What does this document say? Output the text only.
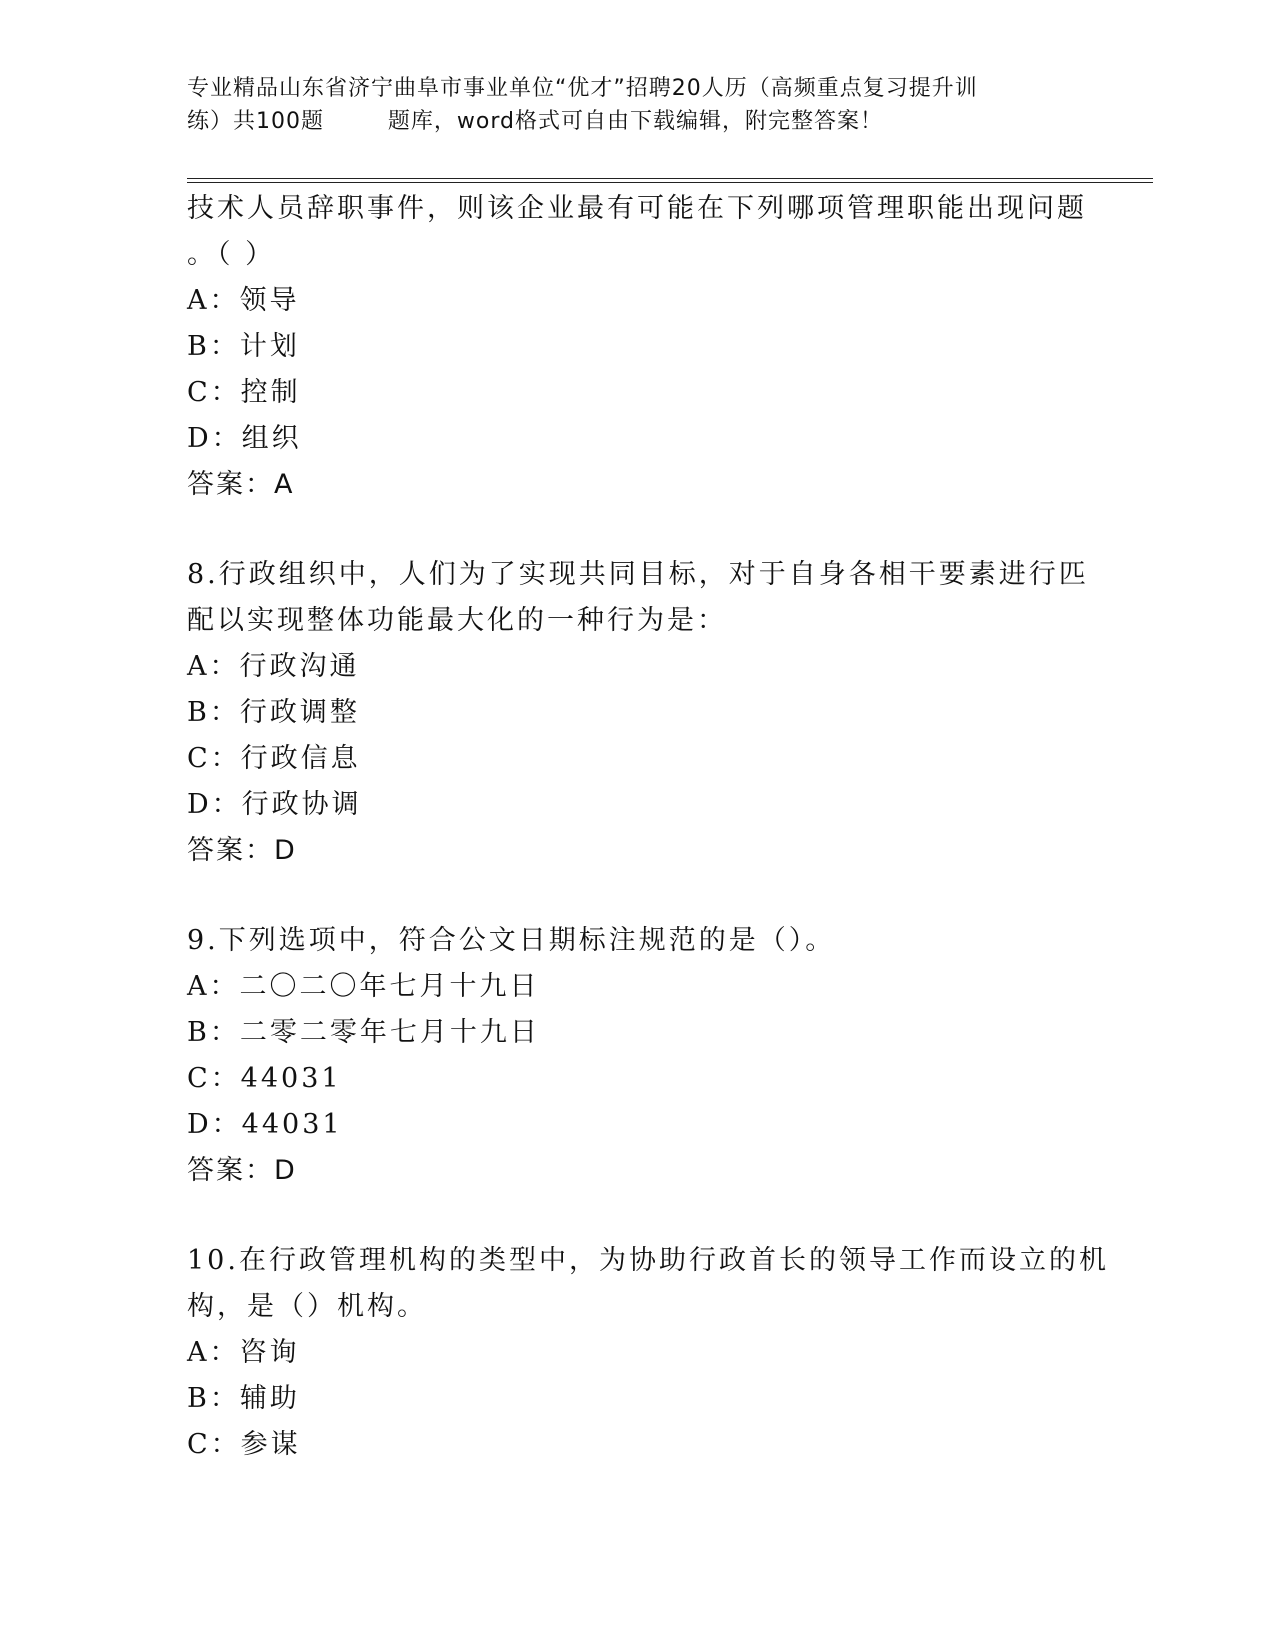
专业精品山东省济宁曲阜市事业单位“优才”招聘20人历（高频重点复习提升训
练）共100题        题库，word格式可自由下载编辑，附完整答案！
技术人员辞职事件，则该企业最有可能在下列哪项管理职能出现问题
。（ ）
A：领导
B：计划
C：控制
D：组织
答案：A
8.行政组织中，人们为了实现共同目标，对于自身各相干要素进行匹
配以实现整体功能最大化的一种行为是：
A：行政沟通
B：行政调整
C：行政信息
D：行政协调
答案：D
9.下列选项中，符合公文日期标注规范的是（）。
A：二〇二〇年七月十九日
B：二零二零年七月十九日
C：44031
D：44031
答案：D
10.在行政管理机构的类型中，为协助行政首长的领导工作而设立的机
构，是（）机构。
A：咨询
B：辅助
C：参谋
